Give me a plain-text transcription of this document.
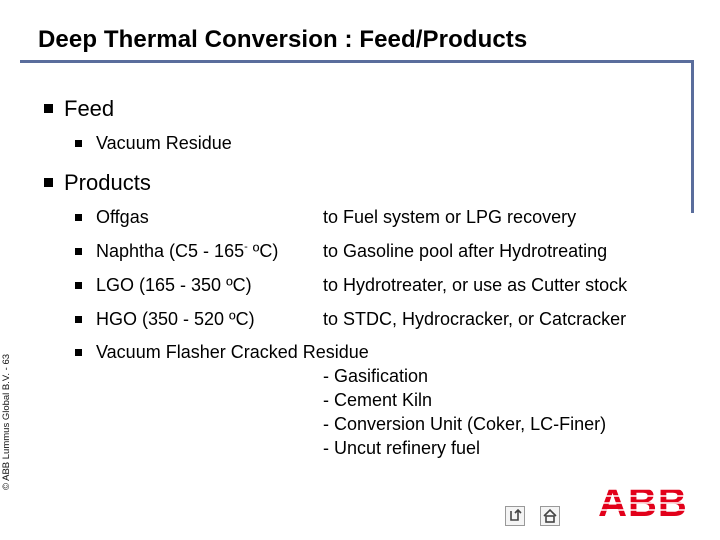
Deep Thermal Conversion : Feed/Products
Feed
Vacuum Residue
Products
Offgas	to Fuel system or LPG recovery
Naphtha (C5 - 165- ºC) to Gasoline pool after Hydrotreating
LGO (165 - 350 ºC)	to Hydrotreater, or use as Cutter stock
HGO (350 - 520 ºC)	to STDC, Hydrocracker, or Catcracker
Vacuum Flasher Cracked Residue
- Gasification
- Cement Kiln
- Conversion Unit (Coker, LC-Finer)
- Uncut refinery fuel
© ABB Lummus Global B.V. - 63
ABB
